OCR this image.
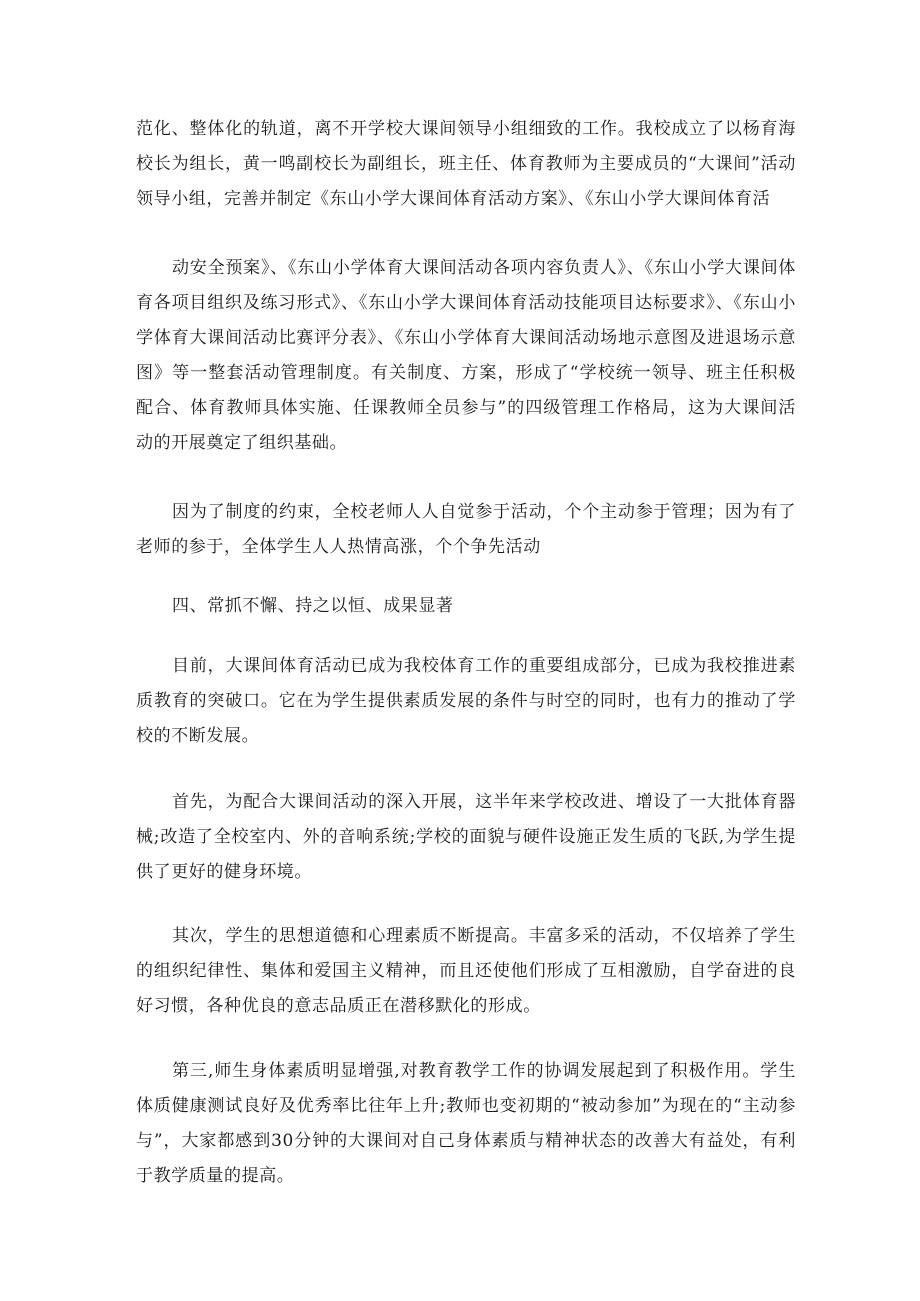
范化、整体化的轨道，离不开学校大课间领导小组细致的工作。我校成立了以杨育海校长为组长，黄一鸣副校长为副组长，班主任、体育教师为主要成员的“大课间”活动领导小组，完善并制定《东山小学大课间体育活动方案》、《东山小学大课间体育活

动安全预案》、《东山小学体育大课间活动各项内容负责人》、《东山小学大课间体育各项目组织及练习形式》、《东山小学大课间体育活动技能项目达标要求》、《东山小学体育大课间活动比赛评分表》、《东山小学体育大课间活动场地示意图及进退场示意图》等一整套活动管理制度。有关制度、方案，形成了“学校统一领导、班主任积极配合、体育教师具体实施、任课教师全员参与”的四级管理工作格局，这为大课间活动的开展奠定了组织基础。

因为了制度的约束，全校老师人人自觉参于活动，个个主动参于管理；因为有了老师的参于，全体学生人人热情高涨，个个争先活动

四、常抓不懈、持之以恒、成果显著

目前，大课间体育活动已成为我校体育工作的重要组成部分，已成为我校推进素质教育的突破口。它在为学生提供素质发展的条件与时空的同时，也有力的推动了学校的不断发展。

首先，为配合大课间活动的深入开展，这半年来学校改进、增设了一大批体育器械;改造了全校室内、外的音响系统;学校的面貌与硬件设施正发生质的飞跃,为学生提供了更好的健身环境。

其次，学生的思想道德和心理素质不断提高。丰富多采的活动，不仅培养了学生的组织纪律性、集体和爱国主义精神，而且还使他们形成了互相激励，自学奋进的良好习惯，各种优良的意志品质正在潜移默化的形成。

第三,师生身体素质明显增强,对教育教学工作的协调发展起到了积极作用。学生体质健康测试良好及优秀率比往年上升;教师也变初期的“被动参加”为现在的“主动参与”，大家都感到30分钟的大课间对自己身体素质与精神状态的改善大有益处，有利于教学质量的提高。
